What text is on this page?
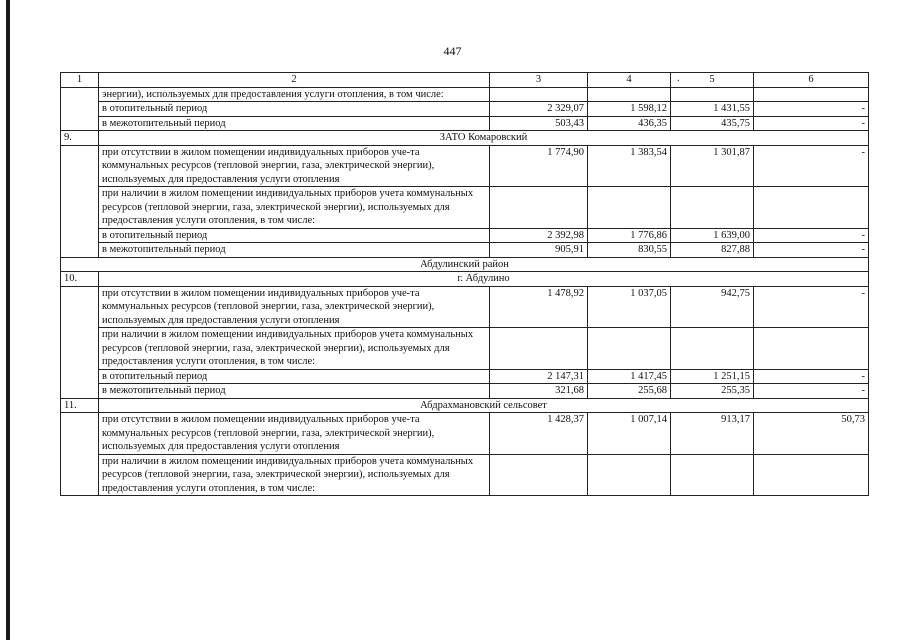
447
1	2	3	4	. 5	6
	энергии), используемых для предоставления услуги отопления, в том числе:				
	в отопительный период	2 329,07	1 598,12	1 431,55	-
	в межотопительный период	503,43	436,35	435,75	-
9.	ЗАТО Комаровский				
	при отсутствии в жилом помещении индивидуальных приборов уче-та коммунальных ресурсов (тепловой энергии, газа, электрической энергии), используемых для предоставления услуги отопления	1 774,90	1 383,54	1 301,87	-
	при наличии в жилом помещении индивидуальных приборов учета коммунальных ресурсов (тепловой энергии, газа, электрической энергии), используемых для предоставления услуги отопления, в том числе:				
	в отопительный период	2 392,98	1 776,86	1 639,00	-
	в межотопительный период	905,91	830,55	827,88	-
Абдулинский район					
10.	г. Абдулино				
	при отсутствии в жилом помещении индивидуальных приборов уче-та коммунальных ресурсов (тепловой энергии, газа, электрической энергии), используемых для предоставления услуги отопления	1 478,92	1 037,05	942,75	-
	при наличии в жилом помещении индивидуальных приборов учета коммунальных ресурсов (тепловой энергии, газа, электрической энергии), используемых для предоставления услуги отопления, в том числе:				
	в отопительный период	2 147,31	1 417,45	1 251,15	-
	в межотопительный период	321,68	255,68	255,35	-
11.	Абдрахмановский сельсовет				
	при отсутствии в жилом помещении индивидуальных приборов уче-та коммунальных ресурсов (тепловой энергии, газа, электрической энергии), используемых для предоставления услуги отопления	1 428,37	1 007,14	913,17	50,73
	при наличии в жилом помещении индивидуальных приборов учета коммунальных ресурсов (тепловой энергии, газа, электрической энергии), используемых для предоставления услуги отопления, в том числе:				
